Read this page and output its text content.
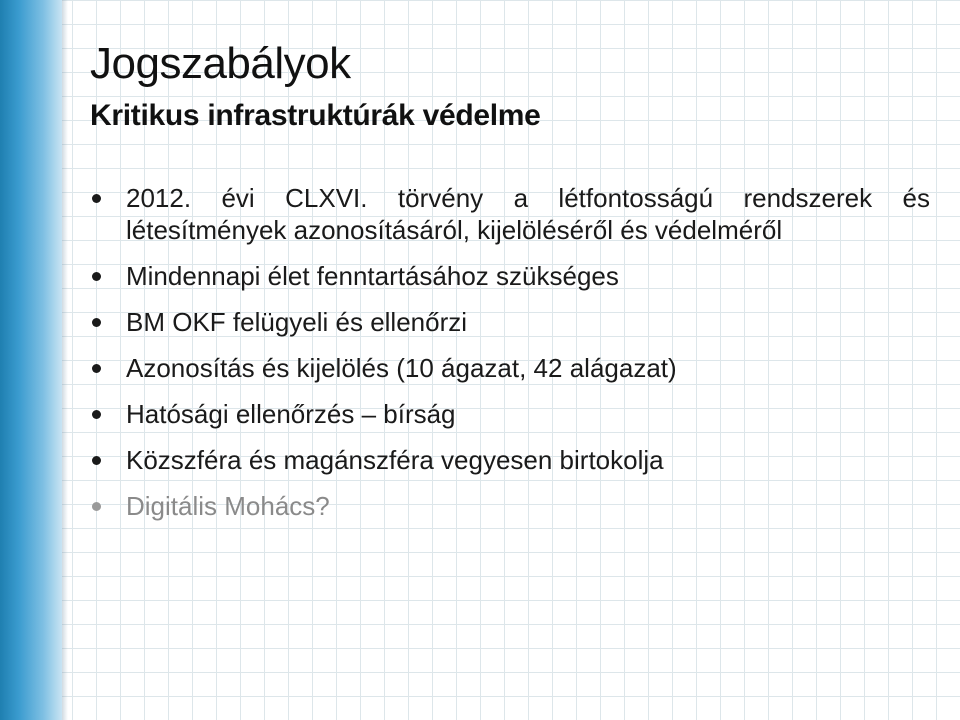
Jogszabályok
Kritikus infrastruktúrák védelme
2012. évi CLXVI. törvény a létfontosságú rendszerek és létesítmények azonosításáról, kijelöléséről és védelméről
Mindennapi élet fenntartásához szükséges
BM OKF felügyeli és ellenőrzi
Azonosítás és kijelölés (10 ágazat, 42 alágazat)
Hatósági ellenőrzés – bírság
Közszféra és magánszféra vegyesen birtokolja
Digitális Mohács?
